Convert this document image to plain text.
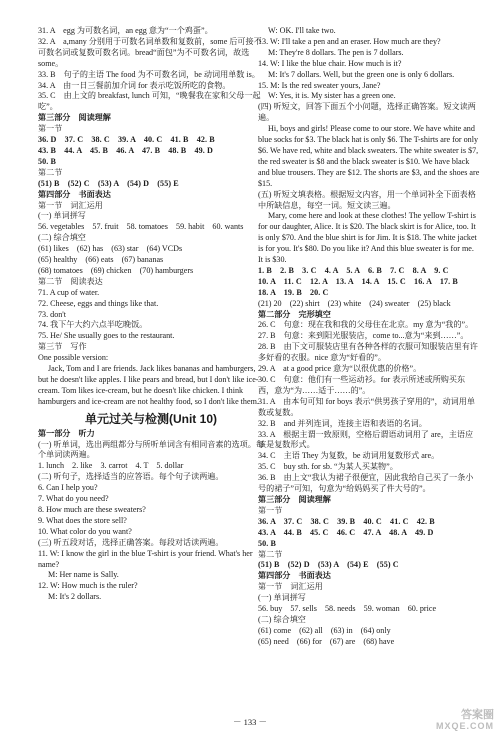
31. A　egg 为可数名词，an egg 意为“一个鸡蛋”。
32. A　a,many 分别用于可数名词单数和复数前，some 后可接不可数名词或复数可数名词。bread“面包”为不可数名词，故选 some。
33. B　句子的主语 The food 为不可数名词，be 动词用单数 is。
34. A　由一日三餐前加介词 for 表示吃饭所吃的食物。
35. C　由上文的 breakfast, lunch 可知，“晚餐我在家和父母一起吃”。
第三部分　阅读理解
第一节
36. D　37. C　38. C　39. A　40. C　41. B　42. B
43. B　44. A　45. B　46. A　47. B　48. B　49. D
50. B
第二节
(51) B　(52) C　(53) A　(54) D　(55) E
第四部分　书面表达
第一节　词汇运用
(一) 单词拼写
56. vegetables　57. fruit　58. tomatoes　59. habit　60. wants
(二) 综合填空
(61) likes　(62) has　(63) star　(64) VCDs
(65) healthy　(66) eats　(67) bananas
(68) tomatoes　(69) chicken　(70) hamburgers
第二节　阅读表达
71. A cup of water.
72. Cheese, eggs and things like that.
73. don't
74. 我下午大约六点半吃晚饭。
75. He/ She usually goes to the restaurant.
第三节　写作
One possible version:
Jack, Tom and I are friends. Jack likes bananas and hamburgers, but he doesn't like apples. I like pears and bread, but I don't like ice-cream. Tom likes ice-cream, but he doesn't like chicken. I think hamburgers and ice-cream are not healthy food, so I don't like them.
单元过关与检测(Unit 10)
第一部分　听力
(一) 听单词，选出两组都分与所听单词含有相同音素的选项。每个单词读两遍。
1. lunch　2. like　3. carrot　4. T　5. dollar
(二) 听句子，选择适当的应答语。每个句子读两遍。
6. Can I help you?
7. What do you need?
8. How much are these sweaters?
9. What does the store sell?
10. What color do you want?
(三) 听五段对话，选择正确答案。每段对话读两遍。
11. W: I know the girl in the blue T-shirt is your friend. What's her name?
M: Her name is Sally.
12. W: How much is the ruler?
M: It's 2 dollars.
W: OK. I'll take two.
13. W: I'll take a pen and an eraser. How much are they?
M: They're 8 dollars. The pen is 7 dollars.
14. W: I like the blue chair. How much is it?
M: It's 7 dollars. Well, but the green one is only 6 dollars.
15. M: Is the red sweater yours, Jane?
W: Yes, it is. My sister has a green one.
(四) 听短文，回答下面五个小问题，选择正确答案。短文读两遍。
Hi, boys and girls! Please come to our store. We have white and blue socks for $3. The black hat is only $6. The T-shirts are for only $6. We have red, white and black sweaters. The white sweater is $7, the red sweater is $8 and the black sweater is $10. We have black and blue trousers. They are $12. The shorts are $3, and the shoes are $15.
(五) 听短文填表格。根据短文内容，用一个单词补全下面表格中所缺信息，每空一词。短文读三遍。
Mary, come here and look at these clothes! The yellow T-shirt is for our daughter, Alice. It is $20. The black skirt is for Alice, too. It is only $70. And the blue shirt is for Jim. It is $18. The white jacket is for you. It's $80. Do you like it? And this blue sweater is for me. It is $30.
1. B　2. B　3. C　4. A　5. A　6. B　7. C　8. A　9. C
10. A　11. C　12. A　13. A　14. A　15. C　16. A　17. B
18. A　19. B　20. C
(21) 20　(22) shirt　(23) white　(24) sweater　(25) black
第二部分　完形填空
26. C　句意：现在我和我的父母住在北京。my 意为“我的”。
27. B　句意：来到阳光服装店，come to...意为“来到……”。
28. B　由下文可服装店里有各种各样的衣服可知服装店里有许多好看的衣服。nice 意为“好看的”。
29. A　at a good price 意为“以很优惠的价格”。
30. C　句意：他们有一些运动衫。for 表示所述或所购买东西，意为“为……适于……的”。
31. A　由本句可知 for boys 表示“供男孩子穿用的”，动词用单数或复数。
32. B　and 并列连词，连接主语和表语的名词。
33. A　根据主谓一致原则，空格后谓语动词用了 are，主语应该是复数形式。
34. C　主语 They 为复数，be 动词用复数形式 are。
35. C　buy sth. for sb. “为某人买某物”。
36. B　由上文“我认为裙子很便宜，因此我给自己买了一条小号的裙子”可知，句意为“给妈妈买了件大号的”。
第三部分　阅读理解
第一节
36. A　37. C　38. C　39. B　40. C　41. C　42. B
43. A　44. B　45. C　46. C　47. A　48. A　49. D
50. B
第二节
(51) B　(52) D　(53) A　(54) E　(55) C
第四部分　书面表达
第一节　词汇运用
(一) 单词拼写
56. buy　57. sells　58. needs　59. woman　60. price
(二) 综合填空
(61) come　(62) all　(63) in　(64) only
(65) need　(66) for　(67) are　(68) have
－ 133 －
答案圈
MXQE.COM
